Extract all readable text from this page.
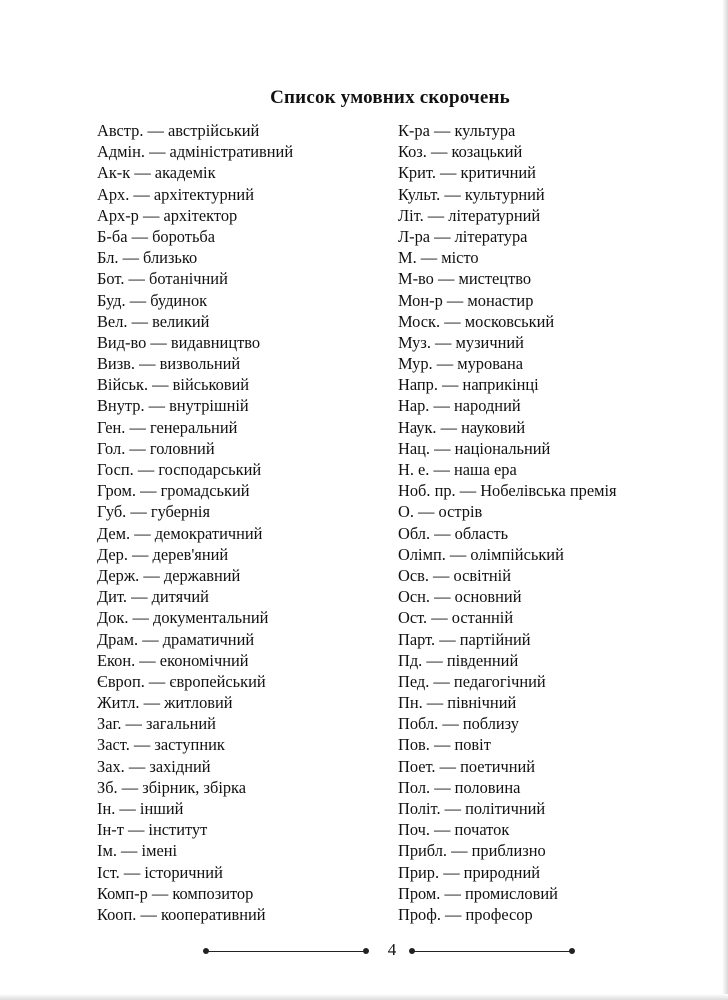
Список умовних скорочень
Австр. — австрійський
Адмін. — адміністративний
Ак-к — академік
Арх. — архітектурний
Арх-р — архітектор
Б-ба — боротьба
Бл. — близько
Бот. — ботанічний
Буд. — будинок
Вел. — великий
Вид-во — видавництво
Визв. — визвольний
Військ. — військовий
Внутр. — внутрішній
Ген. — генеральний
Гол. — головний
Госп. — господарський
Гром. — громадський
Губ. — губернія
Дем. — демократичний
Дер. — дерев'яний
Держ. — державний
Дит. — дитячий
Док. — документальний
Драм. — драматичний
Екон. — економічний
Європ. — європейський
Житл. — житловий
Заг. — загальний
Заст. — заступник
Зах. — західний
Зб. — збірник, збірка
Ін. — інший
Ін-т — інститут
Ім. — імені
Іст. — історичний
Комп-р — композитор
Кооп. — кооперативний
К-ра — культура
Коз. — козацький
Крит. — критичний
Культ. — культурний
Літ. — літературний
Л-ра — література
М. — місто
М-во — мистецтво
Мон-р — монастир
Моск. — московський
Муз. — музичний
Мур. — мурована
Напр. — наприкінці
Нар. — народний
Наук. — науковий
Нац. — національний
Н. е. — наша ера
Ноб. пр. — Нобелівська премія
О. — острів
Обл. — область
Олімп. — олімпійський
Осв. — освітній
Осн. — основний
Ост. — останній
Парт. — партійний
Пд. — південний
Пед. — педагогічний
Пн. — північний
Побл. — поблизу
Пов. — повіт
Поет. — поетичний
Пол. — половина
Політ. — політичний
Поч. — початок
Прибл. — приблизно
Прир. — природний
Пром. — промисловий
Проф. — професор
4
